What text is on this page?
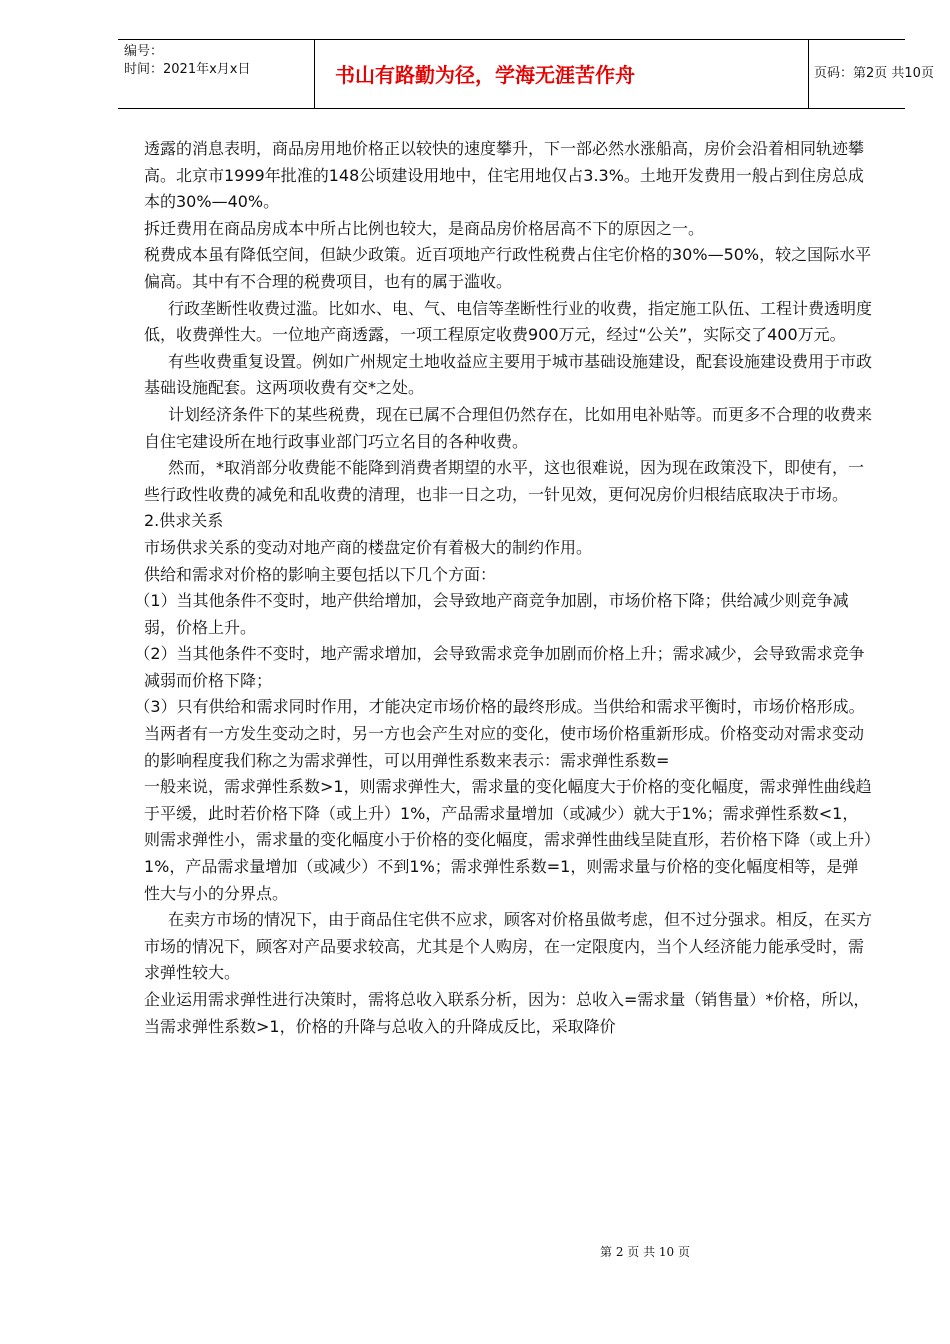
编号：
时间：2021年x月x日	书山有路勤为径，学海无涯苦作舟	页码：第2页 共10页

透露的消息表明，商品房用地价格正以较快的速度攀升，下一部必然水涨船高，房价会沿着相同轨迹攀高。北京市1999年批准的148公顷建设用地中，住宅用地仅占3.3%。土地开发费用一般占到住房总成本的30%—40%。

拆迁费用在商品房成本中所占比例也较大，是商品房价格居高不下的原因之一。

税费成本虽有降低空间，但缺少政策。近百项地产行政性税费占住宅价格的30%—50%，较之国际水平偏高。其中有不合理的税费项目，也有的属于滥收。

行政垄断性收费过滥。比如水、电、气、电信等垄断性行业的收费，指定施工队伍、工程计费透明度低，收费弹性大。一位地产商透露，一项工程原定收费900万元，经过“公关”，实际交了400万元。

有些收费重复设置。例如广州规定土地收益应主要用于城市基础设施建设，配套设施建设费用于市政基础设施配套。这两项收费有交*之处。

计划经济条件下的某些税费，现在已属不合理但仍然存在，比如用电补贴等。而更多不合理的收费来自住宅建设所在地行政事业部门巧立名目的各种收费。

然而，*取消部分收费能不能降到消费者期望的水平，这也很难说，因为现在政策没下，即使有，一些行政性收费的减免和乱收费的清理，也非一日之功，一针见效，更何况房价归根结底取决于市场。

2.供求关系

市场供求关系的变动对地产商的楼盘定价有着极大的制约作用。

供给和需求对价格的影响主要包括以下几个方面：

（1）当其他条件不变时，地产供给增加，会导致地产商竞争加剧，市场价格下降；供给减少则竞争减弱，价格上升。

（2）当其他条件不变时，地产需求增加，会导致需求竞争加剧而价格上升；需求减少，会导致需求竞争减弱而价格下降；

（3）只有供给和需求同时作用，才能决定市场价格的最终形成。当供给和需求平衡时，市场价格形成。当两者有一方发生变动之时，另一方也会产生对应的变化，使市场价格重新形成。价格变动对需求变动的影响程度我们称之为需求弹性，可以用弹性系数来表示：需求弹性系数=

一般来说，需求弹性系数>1，则需求弹性大，需求量的变化幅度大于价格的变化幅度，需求弹性曲线趋于平缓，此时若价格下降（或上升）1%，产品需求量增加（或减少）就大于1%；需求弹性系数<1，则需求弹性小，需求量的变化幅度小于价格的变化幅度，需求弹性曲线呈陡直形，若价格下降（或上升）1%，产品需求量增加（或减少）不到1%；需求弹性系数=1，则需求量与价格的变化幅度相等，是弹性大与小的分界点。

在卖方市场的情况下，由于商品住宅供不应求，顾客对价格虽做考虑，但不过分强求。相反，在买方市场的情况下，顾客对产品要求较高，尤其是个人购房，在一定限度内，当个人经济能力能承受时，需求弹性较大。

企业运用需求弹性进行决策时，需将总收入联系分析，因为：总收入=需求量（销售量）*价格，所以，当需求弹性系数>1，价格的升降与总收入的升降成反比，采取降价

第 2 页 共 10 页
